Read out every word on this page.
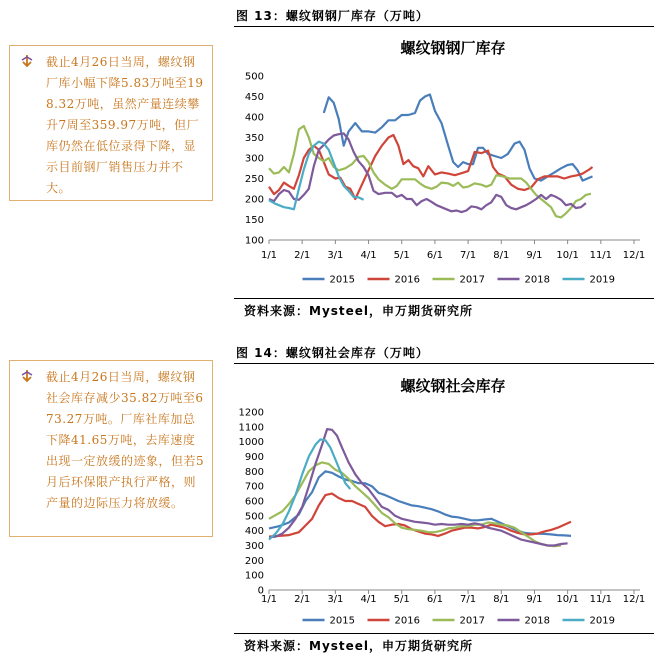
截止4月26日当周，螺纹钢厂库小幅下降5.83万吨至198.32万吨，虽然产量连续攀升7周至359.97万吨，但厂库仍然在低位录得下降，显示目前钢厂销售压力并不大。
截止4月26日当周，螺纹钢社会库存减少35.82万吨至673.27万吨。厂库社库加总下降41.65万吨，去库速度出现一定放缓的迹象，但若5月后环保限产执行严格，则产量的边际压力将放缓。
图 13：螺纹钢钢厂库存（万吨）
螺纹钢钢厂库存
100
150
200
250
300
350
400
450
500
1/1 2/1 3/1 4/1 5/1 6/1 7/1 8/1 9/1 10/1 11/1 12/1
2015	2016	2017	2018	2019
资料来源：Mysteel，申万期货研究所
图 14：螺纹钢社会库存（万吨）
螺纹钢社会库存
0
100
200
300
400
500
600
700
800
900
1000
1100
1200
1/1 2/1 3/1 4/1 5/1 6/1 7/1 8/1 9/1 10/1 11/1 12/1
2015	2016	2017	2018	2019
资料来源：Mysteel，申万期货研究所
